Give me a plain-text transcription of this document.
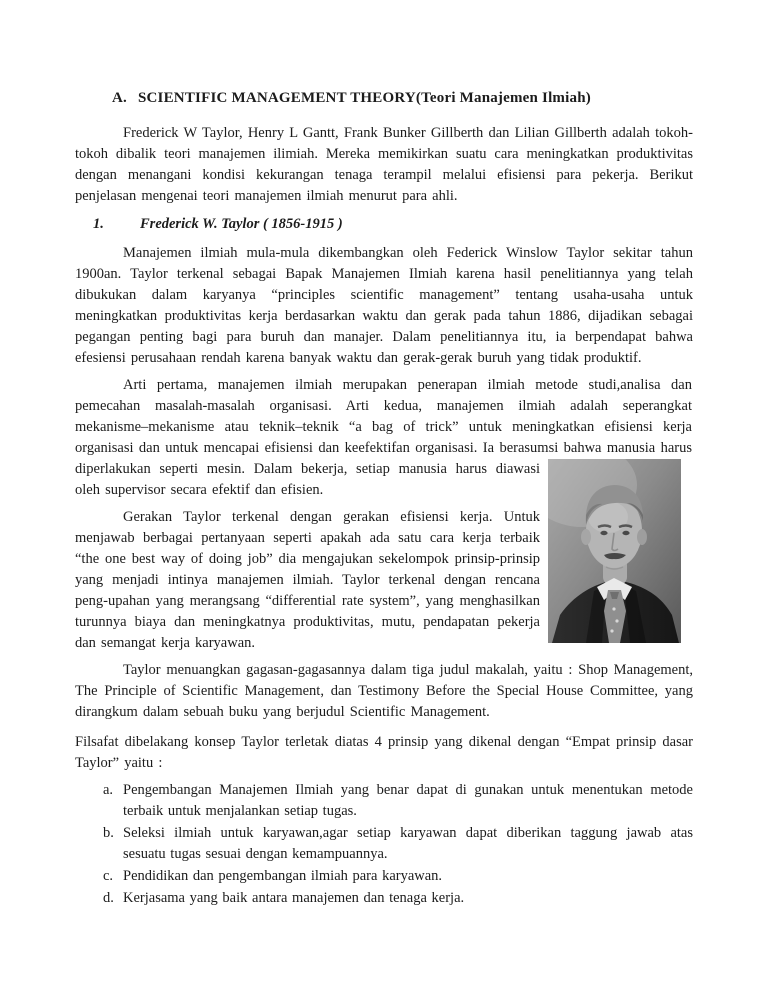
A. SCIENTIFIC MANAGEMENT THEORY(Teori Manajemen Ilmiah)

Frederick W Taylor, Henry L Gantt, Frank Bunker Gillberth dan Lilian Gillberth adalah tokoh-tokoh dibalik teori manajemen ilimiah. Mereka memikirkan suatu cara meningkatkan produktivitas dengan menangani kondisi kekurangan tenaga terampil melalui efisiensi para pekerja. Berikut penjelasan mengenai teori manajemen ilmiah menurut para ahli.

1.	Frederick W. Taylor ( 1856-1915 )

Manajemen ilmiah mula-mula dikembangkan oleh Federick Winslow Taylor sekitar tahun 1900an. Taylor terkenal sebagai Bapak Manajemen Ilmiah karena hasil penelitiannya yang telah dibukukan dalam karyanya “principles scientific management” tentang usaha-usaha untuk meningkatkan produktivitas kerja berdasarkan waktu dan gerak pada tahun 1886, dijadikan sebagai pegangan penting bagi para buruh dan manajer. Dalam penelitiannya itu, ia berpendapat bahwa efesiensi perusahaan rendah karena banyak waktu dan gerak-gerak buruh yang tidak produktif.

Arti pertama, manajemen ilmiah merupakan penerapan ilmiah metode studi,analisa dan pemecahan masalah-masalah organisasi. Arti kedua, manajemen ilmiah adalah seperangkat mekanisme–mekanisme atau teknik–teknik “a bag of trick” untuk meningkatkan efisiensi kerja organisasi dan untuk mencapai efisiensi dan keefektifan organisasi. Ia berasumsi bahwa manusia harus diperlakukan seperti mesin. Dalam bekerja, setiap manusia harus diawasi oleh supervisor secara efektif dan efisien.

Gerakan Taylor terkenal dengan gerakan efisiensi kerja. Untuk menjawab berbagai pertanyaan seperti apakah ada satu cara kerja terbaik “the one best way of doing job” dia mengajukan sekelompok prinsip-prinsip yang menjadi intinya manajemen ilmiah. Taylor terkenal dengan rencana peng-upahan yang merangsang “differential rate system”, yang menghasilkan turunnya biaya dan meningkatnya produktivitas, mutu, pendapatan pekerja dan semangat kerja karyawan.

Taylor menuangkan gagasan-gagasannya dalam tiga judul makalah, yaitu : Shop Management, The Principle of Scientific Management, dan Testimony Before the Special House Committee, yang dirangkum dalam sebuah buku yang berjudul Scientific Management.

Filsafat dibelakang konsep Taylor terletak diatas 4 prinsip yang dikenal dengan “Empat prinsip dasar Taylor” yaitu :

a. Pengembangan Manajemen Ilmiah yang benar dapat di gunakan untuk menentukan metode terbaik untuk menjalankan setiap tugas.
b. Seleksi ilmiah untuk karyawan,agar setiap karyawan dapat diberikan taggung jawab atas sesuatu tugas sesuai dengan kemampuannya.
c. Pendidikan dan pengembangan ilmiah para karyawan.
d. Kerjasama yang baik antara manajemen dan tenaga kerja.
